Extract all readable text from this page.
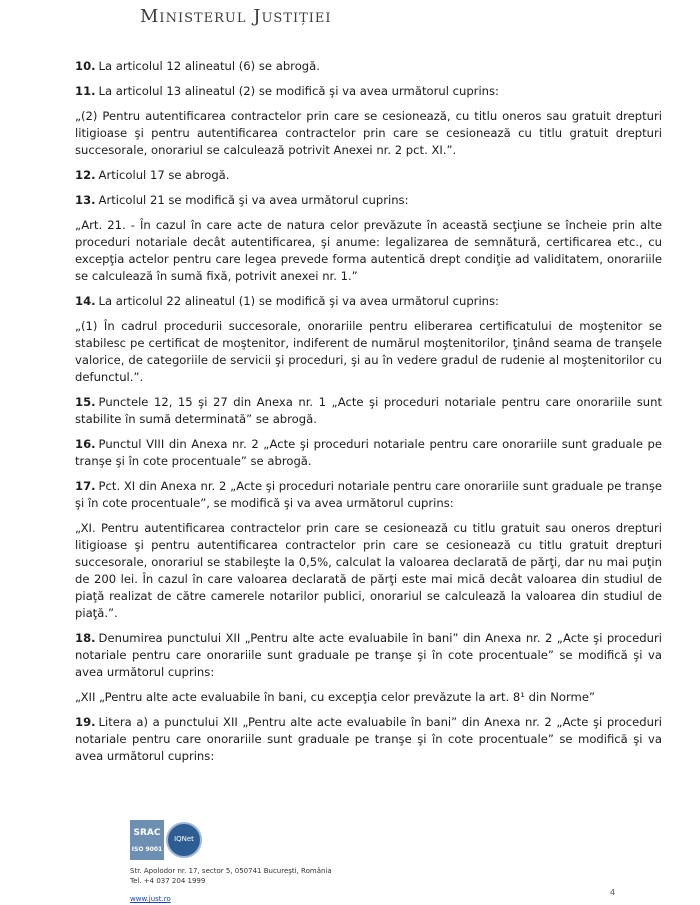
Ministerul Justiției

10. La articolul 12 alineatul (6) se abrogă.

11. La articolul 13 alineatul (2) se modifică şi va avea următorul cuprins:

„(2) Pentru autentificarea contractelor prin care se cesionează, cu titlu oneros sau gratuit drepturi litigioase şi pentru autentificarea contractelor prin care se cesionează cu titlu gratuit drepturi succesorale, onorariul se calculează potrivit Anexei nr. 2 pct. XI.”.

12. Articolul 17 se abrogă.

13. Articolul 21 se modifică şi va avea următorul cuprins:

„Art. 21. - În cazul în care acte de natura celor prevăzute în această secţiune se încheie prin alte proceduri notariale decât autentificarea, şi anume: legalizarea de semnătură, certificarea etc., cu excepţia actelor pentru care legea prevede forma autentică drept condiţie ad validitatem, onorariile se calculează în sumă fixă, potrivit anexei nr. 1.”

14. La articolul 22 alineatul (1) se modifică şi va avea următorul cuprins:

„(1) În cadrul procedurii succesorale, onorariile pentru eliberarea certificatului de moştenitor se stabilesc pe certificat de moştenitor, indiferent de numărul moştenitorilor, ţinând seama de tranşele valorice, de categoriile de servicii şi proceduri, şi au în vedere gradul de rudenie al moştenitorilor cu defunctul.”.

15. Punctele 12, 15 şi 27 din Anexa nr. 1 „Acte şi proceduri notariale pentru care onorariile sunt stabilite în sumă determinată” se abrogă.

16. Punctul VIII din Anexa nr. 2 „Acte şi proceduri notariale pentru care onorariile sunt graduale pe tranşe şi în cote procentuale” se abrogă.

17. Pct. XI din Anexa nr. 2 „Acte şi proceduri notariale pentru care onorariile sunt graduale pe tranşe şi în cote procentuale”, se modifică şi va avea următorul cuprins:

„XI. Pentru autentificarea contractelor prin care se cesionează cu titlu gratuit sau oneros drepturi litigioase şi pentru autentificarea contractelor prin care se cesionează cu titlu gratuit drepturi succesorale, onorariul se stabileşte la 0,5%, calculat la valoarea declarată de părţi, dar nu mai puţin de 200 lei. În cazul în care valoarea declarată de părţi este mai mică decât valoarea din studiul de piaţă realizat de către camerele notarilor publici, onorariul se calculează la valoarea din studiul de piaţă.”.

18. Denumirea punctului XII „Pentru alte acte evaluabile în bani” din Anexa nr. 2 „Acte şi proceduri notariale pentru care onorariile sunt graduale pe tranşe şi în cote procentuale” se modifică şi va avea următorul cuprins:

„XII „Pentru alte acte evaluabile în bani, cu excepţia celor prevăzute la art. 8¹ din Norme”

19. Litera a) a punctului XII „Pentru alte acte evaluabile în bani” din Anexa nr. 2 „Acte şi proceduri notariale pentru care onorariile sunt graduale pe tranşe şi în cote procentuale” se modifică şi va avea următorul cuprins:

SRAC
ISO 9001
IQNet
Str. Apolodor nr. 17, sector 5, 050741 Bucureşti, România
Tel. +4 037 204 1999
www.just.ro
4
